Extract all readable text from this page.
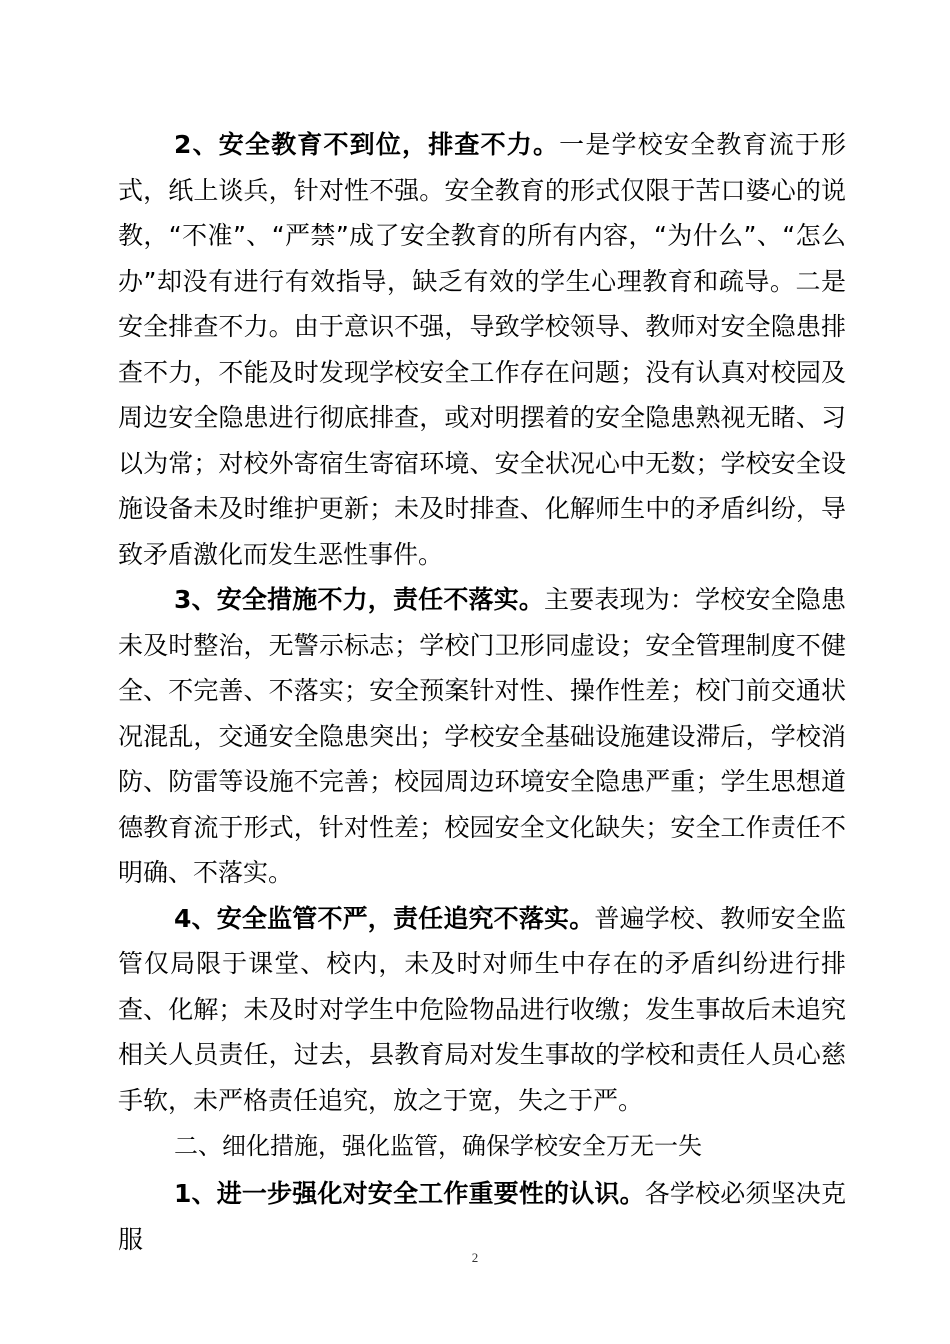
2、安全教育不到位，排查不力。一是学校安全教育流于形式，纸上谈兵，针对性不强。安全教育的形式仅限于苦口婆心的说教，“不准”、“严禁”成了安全教育的所有内容，“为什么”、“怎么办”却没有进行有效指导，缺乏有效的学生心理教育和疏导。二是安全排查不力。由于意识不强，导致学校领导、教师对安全隐患排查不力，不能及时发现学校安全工作存在问题；没有认真对校园及周边安全隐患进行彻底排查，或对明摆着的安全隐患熟视无睹、习以为常；对校外寄宿生寄宿环境、安全状况心中无数；学校安全设施设备未及时维护更新；未及时排查、化解师生中的矛盾纠纷，导致矛盾激化而发生恶性事件。

3、安全措施不力，责任不落实。主要表现为：学校安全隐患未及时整治，无警示标志；学校门卫形同虚设；安全管理制度不健全、不完善、不落实；安全预案针对性、操作性差；校门前交通状况混乱，交通安全隐患突出；学校安全基础设施建设滞后，学校消防、防雷等设施不完善；校园周边环境安全隐患严重；学生思想道德教育流于形式，针对性差；校园安全文化缺失；安全工作责任不明确、不落实。

4、安全监管不严，责任追究不落实。普遍学校、教师安全监管仅局限于课堂、校内，未及时对师生中存在的矛盾纠纷进行排查、化解；未及时对学生中危险物品进行收缴；发生事故后未追究相关人员责任，过去，县教育局对发生事故的学校和责任人员心慈手软，未严格责任追究，放之于宽，失之于严。

二、细化措施，强化监管，确保学校安全万无一失

1、进一步强化对安全工作重要性的认识。各学校必须坚决克服

2
